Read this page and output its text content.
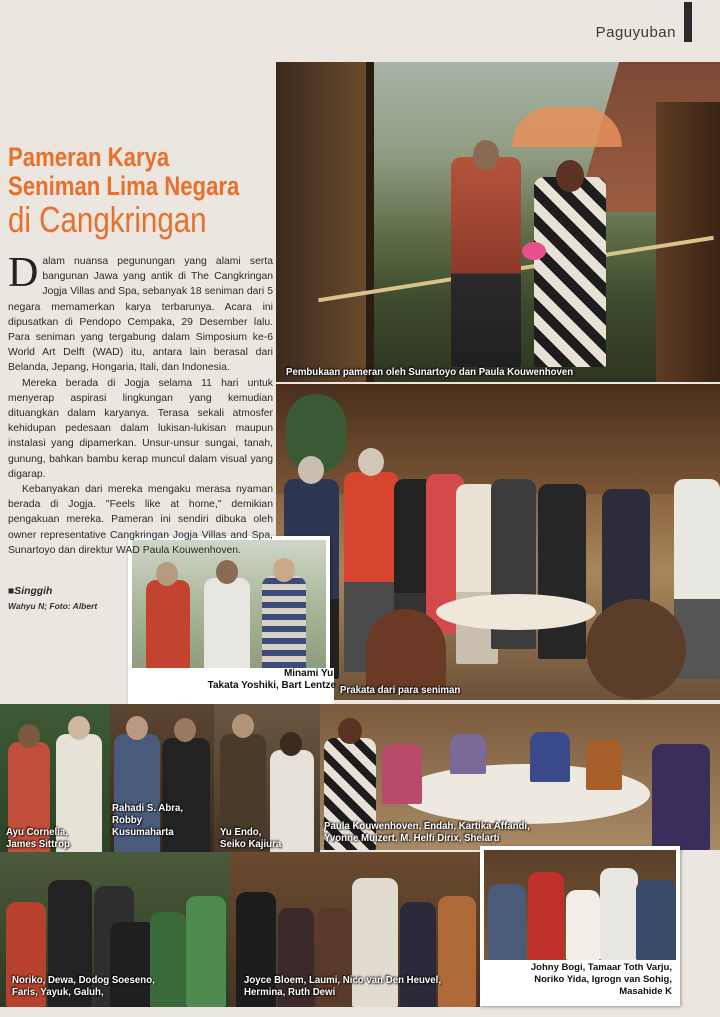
Paguyuban
Pembukaan pameran oleh Sunartoyo dan Paula Kouwenhoven
Prakata dari para seniman
Minami Yu,
Takata Yoshiki, Bart Lentze
Ayu Cornelia,
James Sittrop
Rahadi S. Abra,
Robby
Kusumaharta	Yu Endo,
Seiko Kajiura
Paula Kouwenhoven, Endah, Kartika Affandi,
Yvonne Muizert, M. Helfi Dirix, Shelarti
Noriko, Dewa, Dodog Soeseno,
Faris, Yayuk, Galuh,
Joyce Bloem, Laumi, Nico van Den Heuvel,
Hermina, Ruth Dewi
Johny Bogi, Tamaar Toth Varju,
Noriko Yida, Igrogn van Sohig,
Masahide K
Pameran Karya
Seniman Lima Negara
di Cangkringan

Dalam nuansa pegunungan yang alami serta bangunan Jawa yang antik di The Cangkringan Jogja Villas and Spa, sebanyak 18 seniman dari 5 negara memamerkan karya terbarunya. Acara ini dipusatkan di Pendopo Cempaka, 29 Desember lalu. Para seniman yang tergabung dalam Simposium ke-6 World Art Delft (WAD) itu, antara lain berasal dari Belanda, Jepang, Hongaria, Itali, dan Indonesia.

Mereka berada di Jogja selama 11 hari untuk menyerap aspirasi lingkungan yang kemudian dituangkan dalam karyanya. Terasa sekali atmosfer kehidupan pedesaan dalam lukisan-lukisan maupun instalasi yang dipamerkan. Unsur-unsur sungai, tanah, gunung, bahkan bambu kerap muncul dalam visual yang digarap.

Kebanyakan dari mereka mengaku merasa nyaman berada di Jogja. "Feels like at home," demikian pengakuan mereka. Pameran ini sendiri dibuka oleh owner representative Cangkringan Jogja Villas and Spa, Sunartoyo dan direktur WAD Paula Kouwenhoven.

■Singgih

Wahyu N; Foto: Albert
